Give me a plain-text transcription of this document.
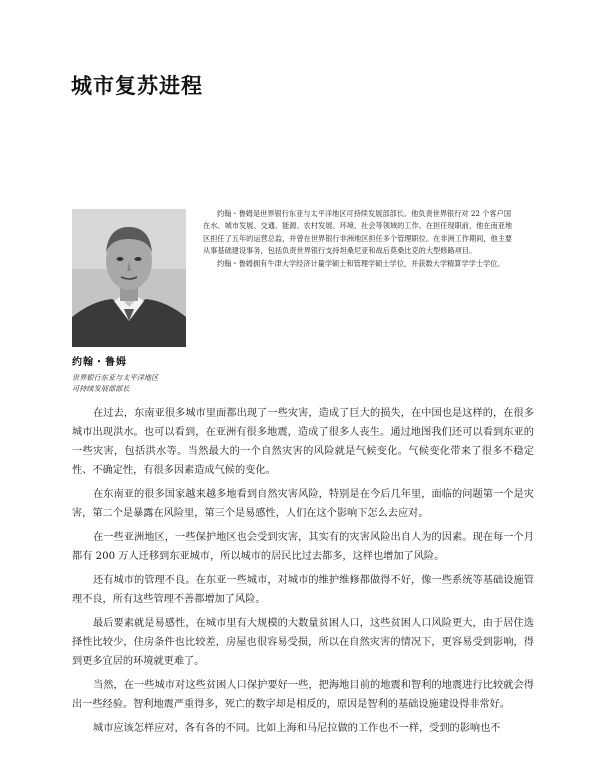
城市复苏进程

约翰・鲁姆是世界银行东亚与太平洋地区可持续发展部部长。他负责世界银行对 22 个客户国在水、城市发展、交通、能源、农村发展、环境、社会等领域的工作。在担任现职前，他在南亚地区担任了五年的运营总监，并曾在世界银行非洲地区担任多个管理职位。在非洲工作期间，他主要从事基础建设事务，包括负责世界银行支持坦桑尼亚和战后莫桑比克的大型修路项目。

约翰・鲁姆拥有牛津大学经济计量学硕士和管理学硕士学位，并获数大学精算学学士学位。

约翰・鲁姆
世界银行东亚与太平洋地区
可持续发展部部长

在过去，东南亚很多城市里面都出现了一些灾害，造成了巨大的损失，在中国也是这样的，在很多城市出现洪水。也可以看到，在亚洲有很多地震，造成了很多人丧生。通过地图我们还可以看到东亚的一些灾害，包括洪水等。当然最大的一个自然灾害的风险就是气候变化。气候变化带来了很多不稳定性、不确定性，有很多因素造成气候的变化。

在东南亚的很多国家越来越多地看到自然灾害风险，特别是在今后几年里，面临的问题第一个是灾害，第二个是暴露在风险里，第三个是易感性，人们在这个影响下怎么去应对。

在一些亚洲地区，一些保护地区也会受到灾害，其实有的灾害风险出自人为的因素。现在每一个月都有 200 万人迁移到东亚城市，所以城市的居民比过去都多，这样也增加了风险。

还有城市的管理不良。在东亚一些城市，对城市的维护维修都做得不好，像一些系统等基础设施管理不良，所有这些管理不善都增加了风险。

最后要素就是易感性，在城市里有大规模的大数量贫困人口，这些贫困人口风险更大，由于居住选择性比较少，住房条件也比较差，房屋也很容易受损，所以在自然灾害的情况下，更容易受到影响，得到更多宜居的环境就更难了。

当然，在一些城市对这些贫困人口保护要好一些，把海地目前的地震和智利的地震进行比较就会得出一些经验。智利地震严重得多，死亡的数字却是相反的，原因是智利的基础设施建设得非常好。

城市应该怎样应对，各有各的不同。比如上海和马尼拉做的工作也不一样，受到的影响也不
